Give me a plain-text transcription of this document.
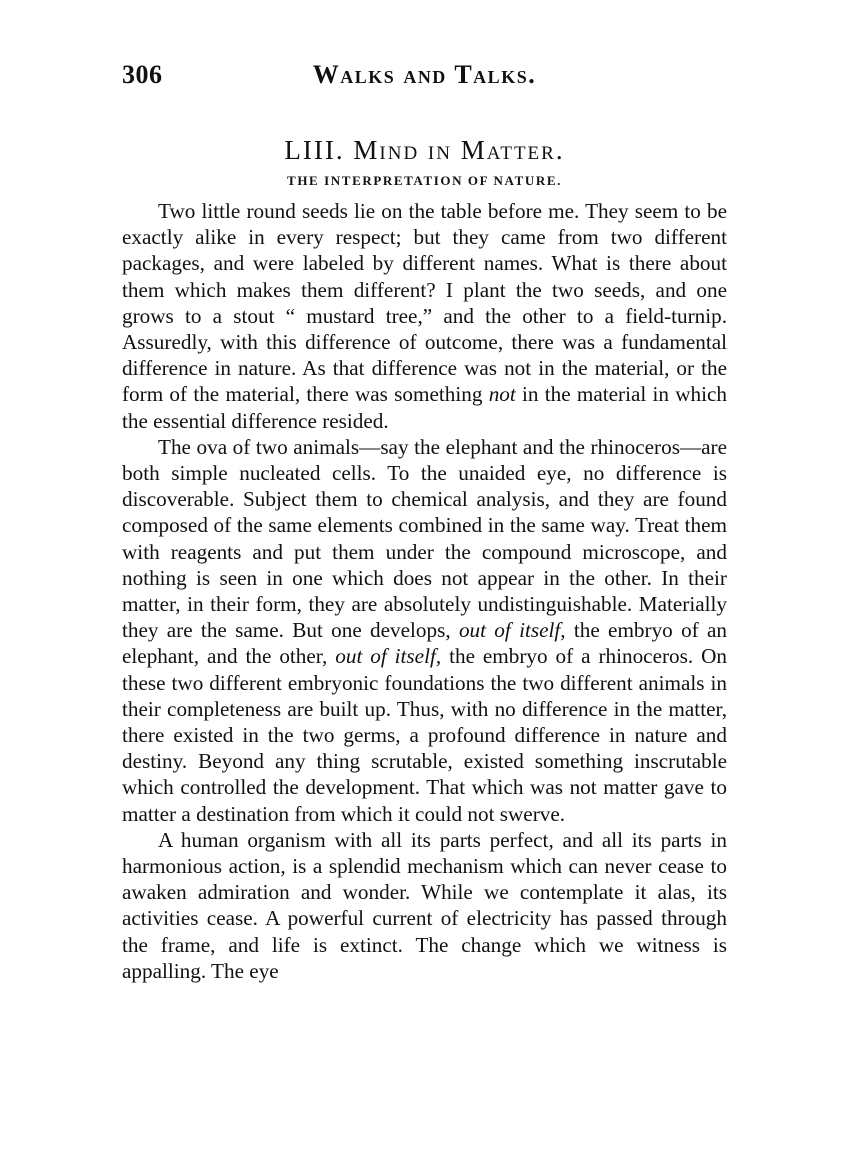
306	Walks and Talks.
LIII. Mind in Matter.
THE INTERPRETATION OF NATURE.

Two little round seeds lie on the table before me. They seem to be exactly alike in every respect; but they came from two different packages, and were labeled by different names. What is there about them which makes them different? I plant the two seeds, and one grows to a stout “ mustard tree,” and the other to a field-turnip. Assuredly, with this difference of outcome, there was a fundamental difference in nature. As that difference was not in the material, or the form of the material, there was something not in the material in which the essential difference resided.

The ova of two animals—say the elephant and the rhinoceros—are both simple nucleated cells. To the unaided eye, no difference is discoverable. Subject them to chemical analysis, and they are found composed of the same elements combined in the same way. Treat them with reagents and put them under the compound microscope, and nothing is seen in one which does not appear in the other. In their matter, in their form, they are absolutely undistinguishable. Materially they are the same. But one develops, out of itself, the embryo of an elephant, and the other, out of itself, the embryo of a rhinoceros. On these two different embryonic foundations the two different animals in their completeness are built up. Thus, with no difference in the matter, there existed in the two germs, a profound difference in nature and destiny. Beyond any thing scrutable, existed something inscrutable which controlled the development. That which was not matter gave to matter a destination from which it could not swerve.

A human organism with all its parts perfect, and all its parts in harmonious action, is a splendid mechanism which can never cease to awaken admiration and wonder. While we contemplate it alas, its activities cease. A powerful current of electricity has passed through the frame, and life is extinct. The change which we witness is appalling. The eye
